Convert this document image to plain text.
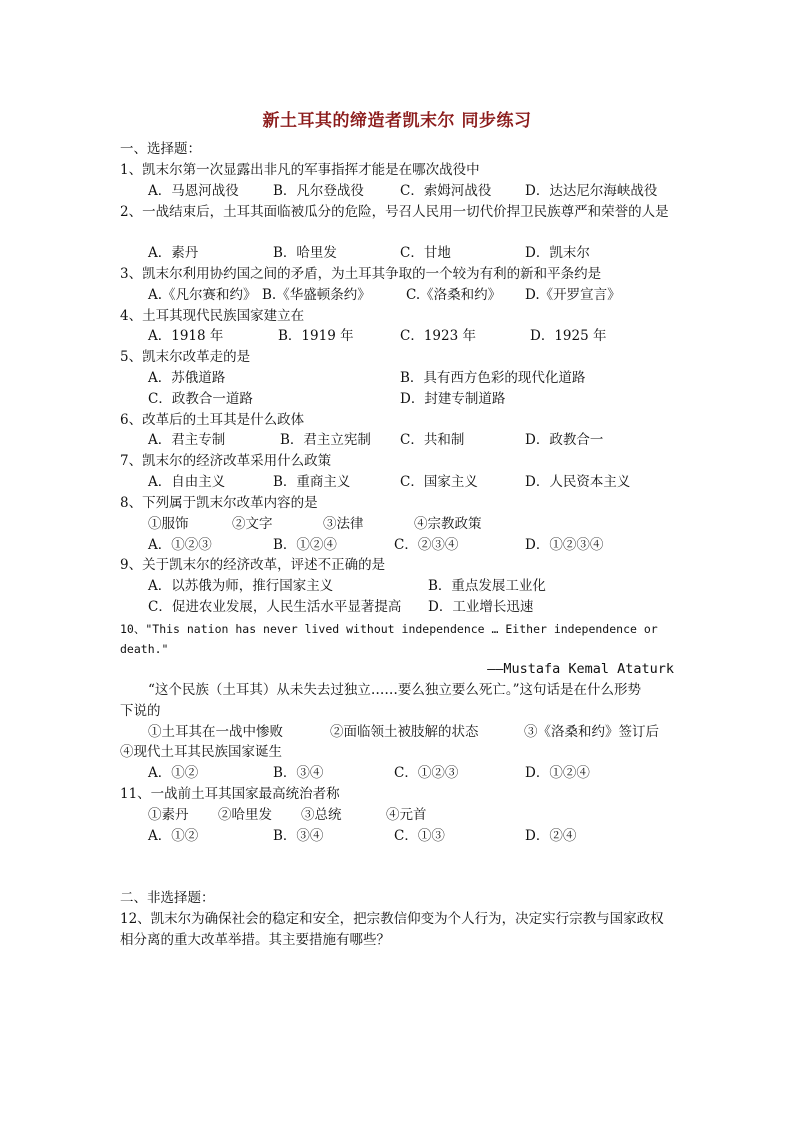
新土耳其的缔造者凯末尔 同步练习
一、选择题：
1、凯末尔第一次显露出非凡的军事指挥才能是在哪次战役中
A．马恩河战役	B．凡尔登战役	C．索姆河战役 D．达达尼尔海峡战役
2、一战结束后，土耳其面临被瓜分的危险，号召人民用一切代价捍卫民族尊严和荣誉的人是
A．素丹	B．哈里发	C．甘地	D．凯末尔
3、凯末尔利用协约国之间的矛盾，为土耳其争取的一个较为有利的新和平条约是
A.《凡尔赛和约》 B.《华盛顿条约》	C.《洛桑和约》 D.《开罗宣言》
4、土耳其现代民族国家建立在
A．1918 年	B．1919 年	C．1923 年	D．1925 年
5、凯末尔改革走的是
A．苏俄道路	B．具有西方色彩的现代化道路
C．政教合一道路	D．封建专制道路
6、改革后的土耳其是什么政体
A．君主专制	B．君主立宪制 C．共和制	D．政教合一
7、凯末尔的经济改革采用什么政策
A．自由主义	B．重商主义	C．国家主义	D．人民资本主义
8、下列属于凯末尔改革内容的是
①服饰	②文字	③法律	④宗教政策
A．①②③	B．①②④	C．②③④	D．①②③④
9、关于凯末尔的经济改革，评述不正确的是
A．以苏俄为师，推行国家主义	B．重点发展工业化
C．促进农业发展，人民生活水平显著提高 D．工业增长迅速
10、"This nation has never lived without independence … Either independence or
death."
——Mustafa Kemal Ataturk
“这个民族（土耳其）从未失去过独立……要么独立要么死亡。”这句话是在什么形势
下说的
①土耳其在一战中惨败	②面临领土被肢解的状态	③《洛桑和约》签订后
④现代土耳其民族国家诞生
A．①②	B．③④	C．①②③	D．①②④
11、一战前土耳其国家最高统治者称
①素丹 ②哈里发 ③总统	④元首
A．①②	B．③④	C．①③	D．②④
二、非选择题：
12、凯末尔为确保社会的稳定和安全，把宗教信仰变为个人行为，决定实行宗教与国家政权
相分离的重大改革举措。其主要措施有哪些？
